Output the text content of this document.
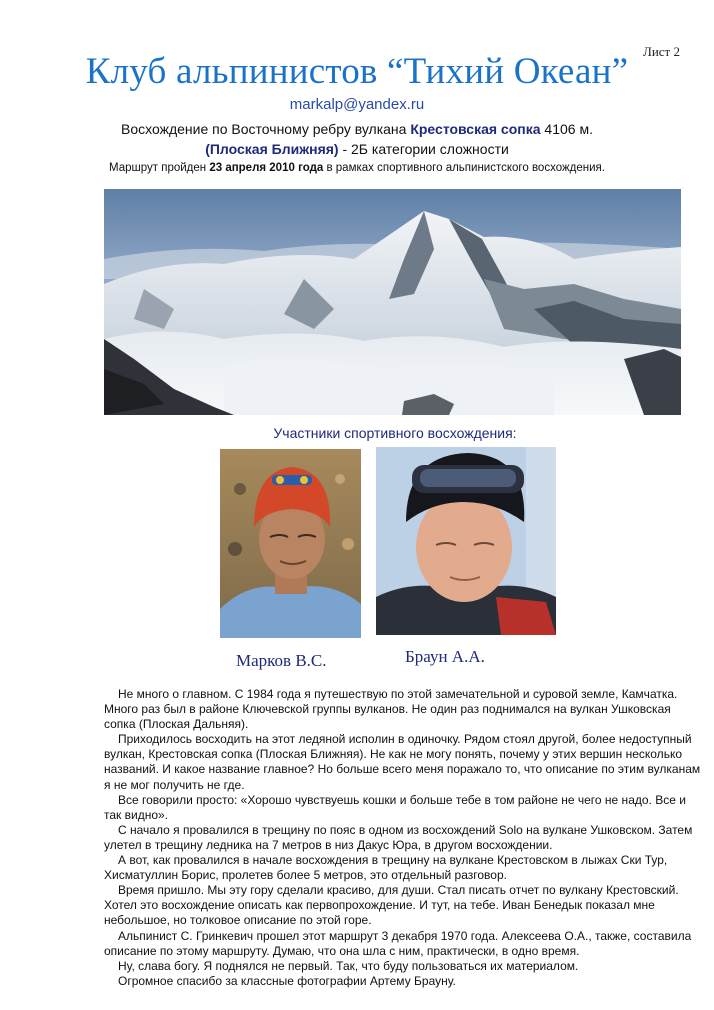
Лист 2
Клуб альпинистов “Тихий Океан”
markalp@yandex.ru
Восхождение по Восточному ребру вулкана Крестовская сопка 4106 м.
(Плоская Ближняя) - 2Б категории сложности
Маршрут пройден 23 апреля 2010 года в рамках спортивного альпинистского восхождения.
Участники спортивного восхождения:
Марков В.С.	Браун А.А.

Не много о главном. С 1984 года я путешествую по этой замечательной и суровой земле, Камчатка. Много раз был в районе Ключевской группы вулканов. Не один раз поднимался на вулкан Ушковская сопка (Плоская Дальняя).

Приходилось восходить на этот ледяной исполин в одиночку. Рядом стоял другой, более недоступный вулкан, Крестовская сопка (Плоская Ближняя). Не как не могу понять, почему у этих вершин несколько названий. И какое название главное? Но больше всего меня поражало то, что описание по этим вулканам я не мог получить не где.

Все говорили просто: «Хорошо чувствуешь кошки и больше тебе в том районе не чего не надо. Все и так видно».

С начало я провалился в трещину по пояс в одном из восхождений Solo на вулкане Ушковском. Затем улетел в трещину ледника на 7 метров в низ Дакус Юра, в другом восхождении.

А вот, как провалился в начале восхождения в трещину на вулкане Крестовском в лыжах Ски Тур, Хисматуллин Борис, пролетев более 5 метров, это отдельный разговор.

Время пришло. Мы эту гору сделали красиво, для души. Стал писать отчет по вулкану Крестовский. Хотел это восхождение описать как первопрохождение. И тут, на тебе. Иван Бенедык показал мне небольшое, но толковое описание по этой горе.

Альпинист С. Гринкевич прошел этот маршрут 3 декабря 1970 года. Алексеева О.А., также, составила описание по этому маршруту. Думаю, что она шла с ним, практически, в одно время.

Ну, слава богу. Я поднялся не первый. Так, что буду пользоваться их материалом.

Огромное спасибо за классные фотографии Артему Брауну.
